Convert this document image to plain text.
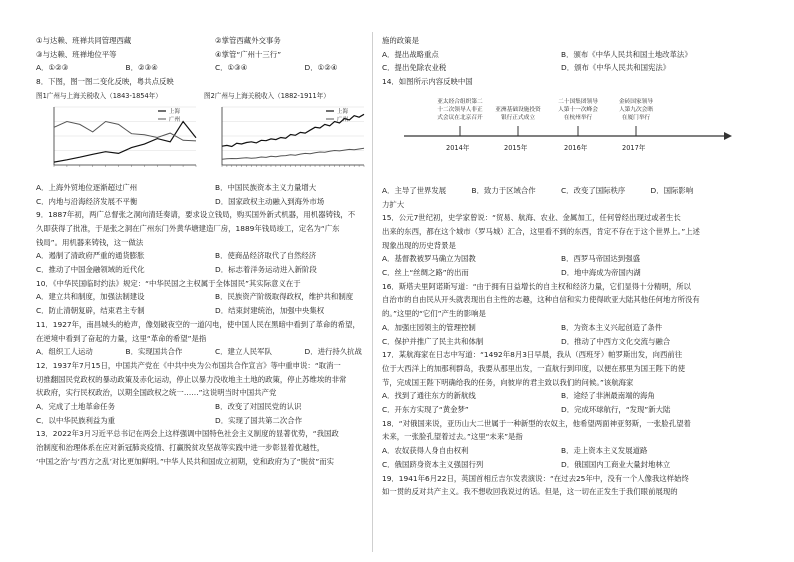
①与达赖、班禅共同管理西藏	②掌管西藏外交事务
③与达赖、班禅地位平等	④掌管“广州十三行”
A．①②③	B．②③④	C．①③④	D．①②④
8．下图，图一图二变化反映，粤共点反映
图1广州与上海关税收入（1843-1854年）	图2广州与上海关税收入（1882-1911年）
上海
广州
上海
广州
A．上海外贸地位逐渐超过广州	B．中国民族资本主义力量增大
C．内地与沿海经济发展不平衡	D．国家政权主动融入到海外市场
9．1887年初，两广总督张之洞向清廷奏请，要求设立钱局，购买国外新式机器，用机器铸钱，不
久即获得了批准，于是张之洞在广州东门外黄华塘建造厂房，1889年钱局竣工，定名为“广东
钱局”。用机器来铸钱，这一做法
A．遏制了清政府严重的通货膨胀	B．使商品经济取代了自然经济
C．推动了中国金融领域的近代化	D．标志着洋务运动进入新阶段
10．《中华民国临时约法》规定：“中华民国之主权属于全体国民”其实际意义在于
A．建立共和制度，加强法制建设	B．民族资产阶级取得政权，维护共和制度
C．防止清朝复辟，结束君主专制	D．结束封建统治，加强中央集权
11．1927年，南昌城头的枪声，像划破夜空的一道闪电，使中国人民在黑暗中看到了革命的希望，
在逆境中看到了奋起的力量，这里“革命的希望”是指
A．组织工人运动	B．实现国共合作	C．建立人民军队	D．进行持久抗战
12．1937年7月15日，中国共产党在《中共中央为公布国共合作宣言》等中重申说：“取消一
切推翻国民党政权的暴动政策及赤化运动，停止以暴力没收地主土地的政策，停止苏维埃的非常
状政府，实行民权政治，以期全国政权之统一……”这说明当时中国共产党
A．完成了土地革命任务	B．改变了对国民党的认识
C．以中华民族利益为重	D．实现了国共第二次合作
13．2022年3月习近平总书记在两会上这样强调中国特色社会主义制度的显著优势，“我国政
治制度和治理体系在应对新冠肺炎疫情、打赢脱贫攻坚战等实践中进一步彰显着优越性，
‘中国之治’与‘西方之乱’对比更加鲜明。”中华人民共和国成立初期，党和政府为了“脱贫”而实
施的政策是
A．提出战略重点	B．颁布《中华人民共和国土地改革法》
C．提出免除农业税	D．颁布《中华人民共和国宪法》
14．如图所示内容反映中国
亚太经合组织第二
十二次领导人非正
式会议在北京召开
亚洲基础设施投资
银行正式成立
二十国集团领导
人第十一次峰会
在杭州举行
金砖国家领导
人第九次会晤
在厦门举行
2014年	2015年	2016年	2017年
A．主导了世界发展	B．致力于区域合作	C．改变了国际秩序	D．国际影响
力扩大
15．公元7世纪初，史学家曾说：“贸易、航海、农业、金属加工，任何曾经出现过或者生长
出来的东西，都在这个城市（罗马城）汇合，这里看不到的东西，肯定不存在于这个世界上。”上述
现象出现的历史背景是
A．基督教被罗马确立为国教	B．西罗马帝国达到强盛
C．丝上“丝绸之路”的出而	D．地中海成为帝国内湖
16．斯塔夫里阿诺斯写道：“由于拥有日益增长的自主权和经济力量，它们显得十分精明，所以
自治市的自由民从开头就表现出自主性的志趣，这种自信和实力使得欧亚大陆其他任何地方所没有
的。”这里的“它们”产生的影响是
A．加强庄园领主的管理控制	B．为资本主义兴起创造了条件
C．保护并推广了民主共和体制	D．推动了中西方文化交流与融合
17．某航海家在日志中写道：“1492年8月3日早晨，我从（西班牙）帕罗斯出发，向西前往
位于大西洋上的加那利群岛，我要从那里出发，一直航行到印度，以便在那里为国王陛下的使
节，完成国王陛下明确给我的任务，向彼岸的君主致以我们的问候。”该航海家
A．找到了通往东方的新航线	B．途经了非洲最南端的海角
C．开东方实现了“黄金梦”	D．完成环球航行，“发现”新大陆
18．“对俄国来说，亚历山大二世属于一种新型的农奴主，他希望两面神亚努斯，一张脸孔望着
未来，一张脸孔望着过去。”这里“未来”是指
A．农奴获得人身自由权利	B．走上资本主义发展道路
C．俄国跻身资本主义强国行列	D．俄国国内工商业大量封地林立
19．1941年6月22日，英国首相丘吉尔发表演说：“在过去25年中，没有一个人像我这样始终
如一贯的反对共产主义。我不想收回我说过的话。但是，这一切在正发生于我们眼前展现的
